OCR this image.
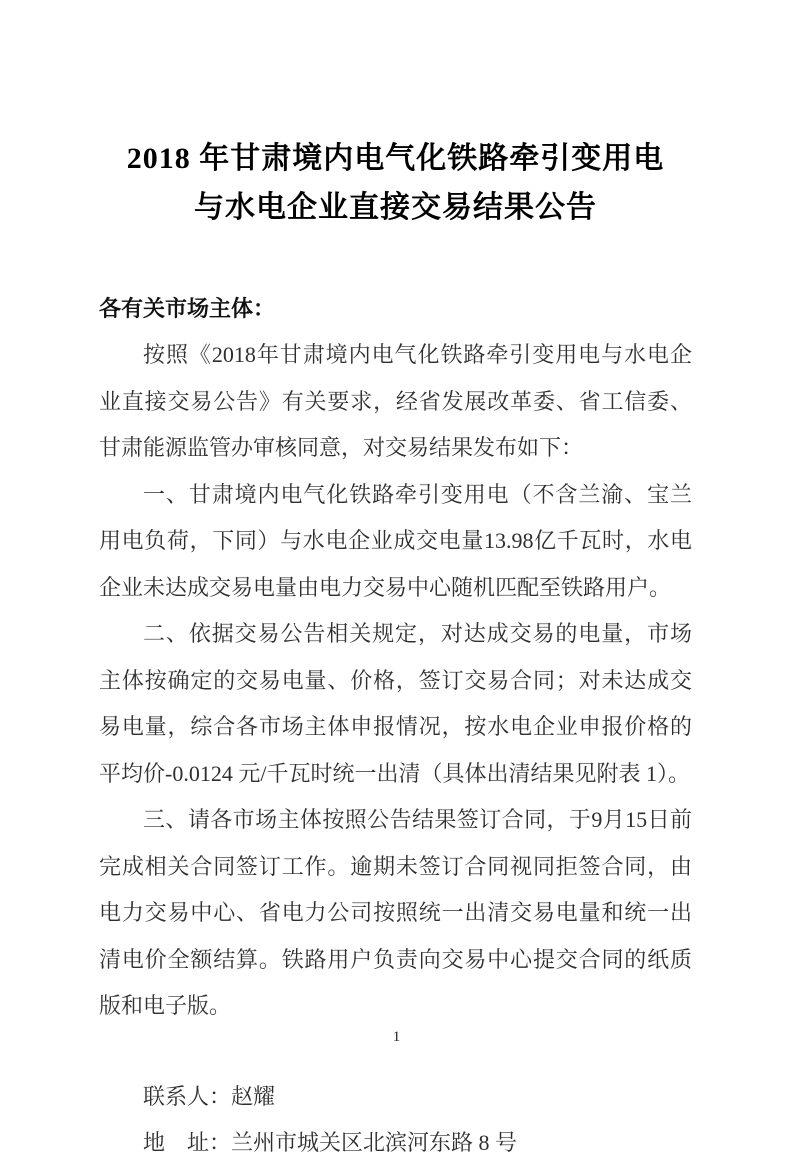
2018 年甘肃境内电气化铁路牵引变用电
与水电企业直接交易结果公告
各有关市场主体：

按照《2018年甘肃境内电气化铁路牵引变用电与水电企业直接交易公告》有关要求，经省发展改革委、省工信委、甘肃能源监管办审核同意，对交易结果发布如下：

一、甘肃境内电气化铁路牵引变用电（不含兰渝、宝兰用电负荷，下同）与水电企业成交电量13.98亿千瓦时，水电企业未达成交易电量由电力交易中心随机匹配至铁路用户。

二、依据交易公告相关规定，对达成交易的电量，市场主体按确定的交易电量、价格，签订交易合同；对未达成交易电量，综合各市场主体申报情况，按水电企业申报价格的平均价-0.0124 元/千瓦时统一出清（具体出清结果见附表 1）。

三、请各市场主体按照公告结果签订合同，于9月15日前完成相关合同签订工作。逾期未签订合同视同拒签合同，由电力交易中心、省电力公司按照统一出清交易电量和统一出清电价全额结算。铁路用户负责向交易中心提交合同的纸质版和电子版。

联系人：赵耀
地　址：兰州市城关区北滨河东路 8 号
1
